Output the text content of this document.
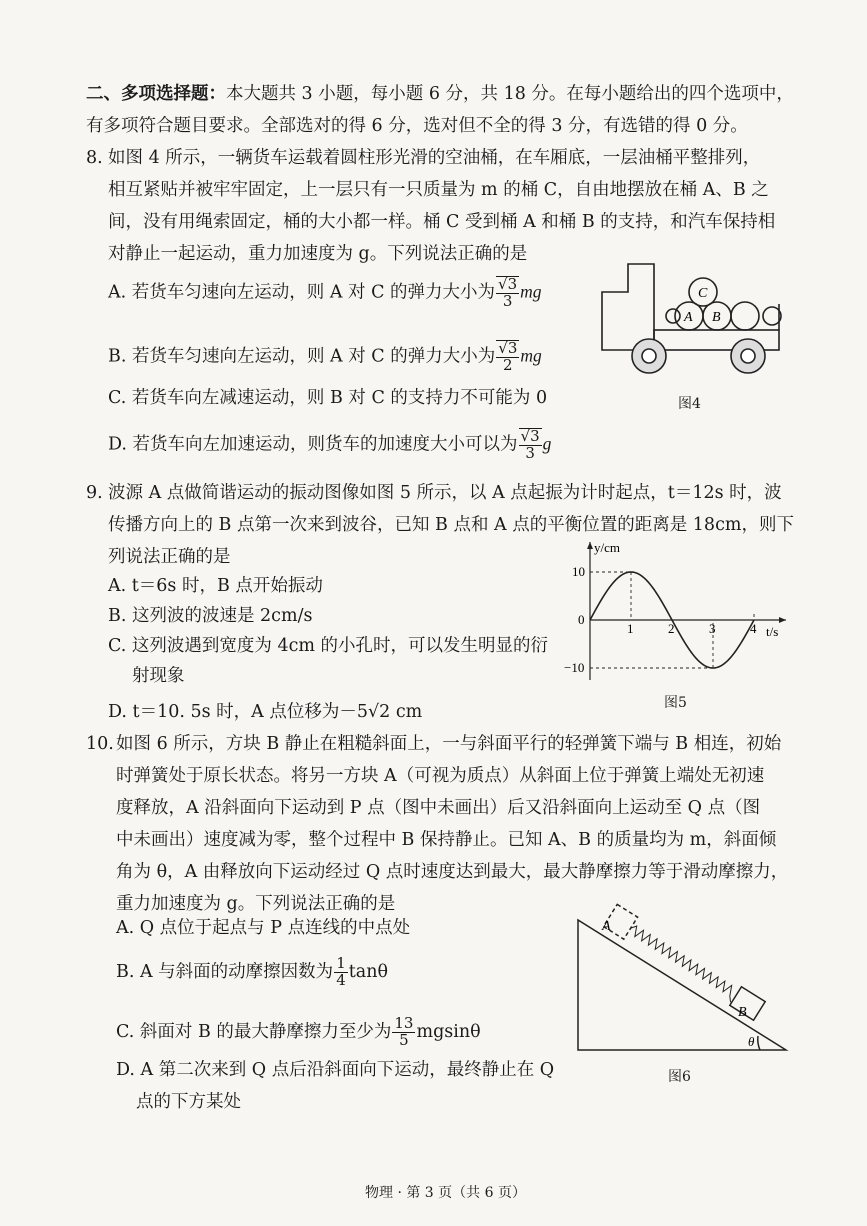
二、多项选择题：本大题共 3 小题，每小题 6 分，共 18 分。在每小题给出的四个选项中，
有多项符合题目要求。全部选对的得 6 分，选对但不全的得 3 分，有选错的得 0 分。
8. 如图 4 所示，一辆货车运载着圆柱形光滑的空油桶，在车厢底，一层油桶平整排列，
相互紧贴并被牢牢固定，上一层只有一只质量为 m 的桶 C，自由地摆放在桶 A、B 之
间，没有用绳索固定，桶的大小都一样。桶 C 受到桶 A 和桶 B 的支持，和汽车保持相
对静止一起运动，重力加速度为 g。下列说法正确的是
A. 若货车匀速向左运动，则 A 对 C 的弹力大小为 $\frac{√3}{3}$ mg
B. 若货车匀速向左运动，则 A 对 C 的弹力大小为 $\frac{√3}{2}$ mg
C. 若货车向左减速运动，则 B 对 C 的支持力不可能为 0
D. 若货车向左加速运动，则货车的加速度大小可以为 $\frac{√3}{3}$ g
A B
C
图4
9. 波源 A 点做简谐运动的振动图像如图 5 所示，以 A 点起振为计时起点，t＝12s 时，波
传播方向上的 B 点第一次来到波谷，已知 B 点和 A 点的平衡位置的距离是 18cm，则下
列说法正确的是
A. t＝6s 时，B 点开始振动
B. 这列波的波速是 2cm/s
C. 这列波遇到宽度为 4cm 的小孔时，可以发生明显的衍
射现象
D. t＝10. 5s 时，A 点位移为－5√2 cm
y/cm
t/s
0
1	2	3	4
10
−10
图5
10. 如图 6 所示，方块 B 静止在粗糙斜面上，一与斜面平行的轻弹簧下端与 B 相连，初始
时弹簧处于原长状态。将另一方块 A（可视为质点）从斜面上位于弹簧上端处无初速
度释放，A 沿斜面向下运动到 P 点（图中未画出）后又沿斜面向上运动至 Q 点（图
中未画出）速度减为零，整个过程中 B 保持静止。已知 A、B 的质量均为 m，斜面倾
角为 θ，A 由释放向下运动经过 Q 点时速度达到最大，最大静摩擦力等于滑动摩擦力，
重力加速度为 g。下列说法正确的是
A. Q 点位于起点与 P 点连线的中点处
B. A 与斜面的动摩擦因数为 $\frac{1}{4}$ tanθ
C. 斜面对 B 的最大静摩擦力至少为 $\frac{13}{5}$ mgsinθ
D. A 第二次来到 Q 点后沿斜面向下运动，最终静止在 Q
点的下方某处
A
B
θ
图6
物理 · 第 3 页（共 6 页）
